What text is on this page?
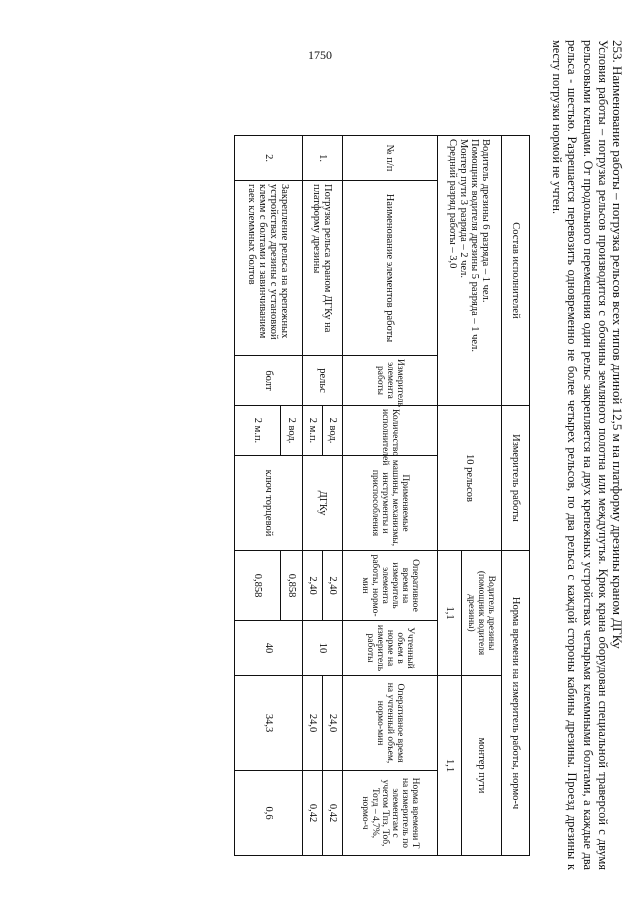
1750	253. Наименование работы – погрузка рельсов всех типов длиной 12,5 м на платформу дрезины краном ДГКу

Условия работы – погрузка рельсов производится с обочины земляного полотна или междупутья. Крюк крана оборудован специальной траверсой с двумя рельсовыми клещами. От продольного перемещения один рельс закрепляется на двух крепежных устройствах четырьмя клеммными болтами, а каждые два рельса - шестью. Разрешается перевозить одновременно не более четырех рельсов, по два рельса с каждой стороны кабины дрезины. Проезд дрезины к месту погрузки нормой не учтен.

Состав исполнителей			Измеритель работы		Норма времени на измеритель работы, нормо-ч			

Водитель дрезины 6 разряда – 1 чел.
Помощник водителя дрезины 5 разряда – 1 чел.
Монтер пути 3 разряда – 2 чел.
Средний разряд работы – 3,0			10 рельсов		Водитель дрезины (помощник водителя дрезины)		монтер пути	
					1,1		1,1	
№ п/п	Наименование элементов работы	Измеритель элемента работы	Количество исполнителей	Применяемые машины, механизмы, инструменты и приспособления	Оперативное время на измеритель элемента работы, нормо-мин	Учтенный объем в норме на измеритель работы	Оперативное время на учтенный объем, нормо-мин	Норма времени Т на измеритель по элементам с учетом Тпз, Тоб, Тотд – 4,7%, нормо-ч
1.	Погрузка рельса краном ДГКу на платформу дрезины	рельс	2 вод.	ДГКу	2,40	10	24,0	0,42
			2 м.п.		2,40		24,0	0,42
2.	Закрепление рельса на крепежных устройствах дрезины с установкой клемм с болтами и завинчиванием гаек клеммных болтов	болт	2 вод.	ключ торцевой	0,858	40	34,3	0,6
			2 м.п.		0,858			
